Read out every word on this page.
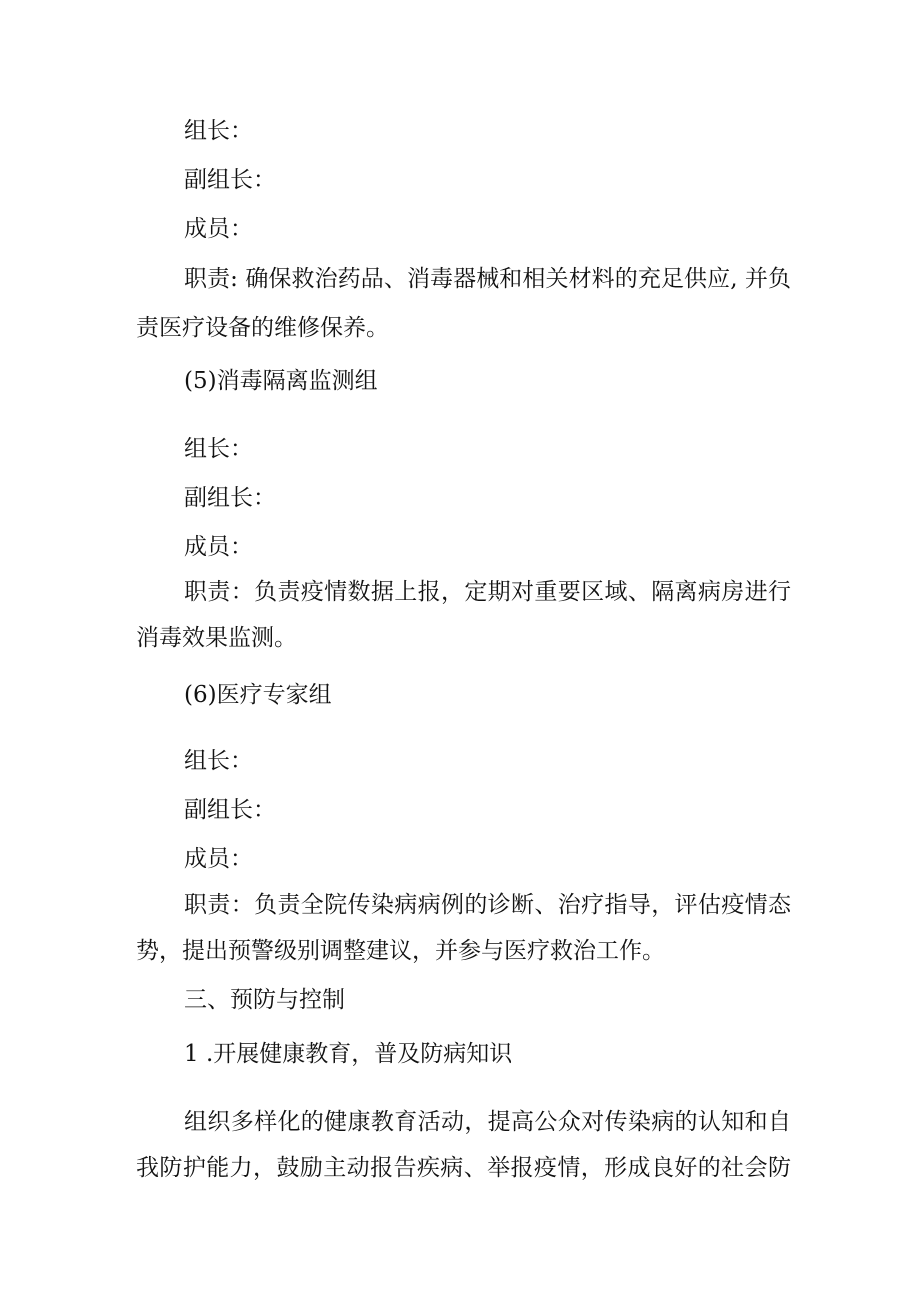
组长：

副组长：

成员：

职责: 确保救治药品、消毒器械和相关材料的充足供应, 并负

责医疗设备的维修保养。

(5)消毒隔离监测组

组长：

副组长：

成员：

职责：负责疫情数据上报，定期对重要区域、隔离病房进行

消毒效果监测。

(6)医疗专家组

组长：

副组长：

成员：

职责：负责全院传染病病例的诊断、治疗指导，评估疫情态

势，提出预警级别调整建议，并参与医疗救治工作。

三、预防与控制

1 .开展健康教育，普及防病知识

组织多样化的健康教育活动，提高公众对传染病的认知和自

我防护能力，鼓励主动报告疾病、举报疫情，形成良好的社会防
